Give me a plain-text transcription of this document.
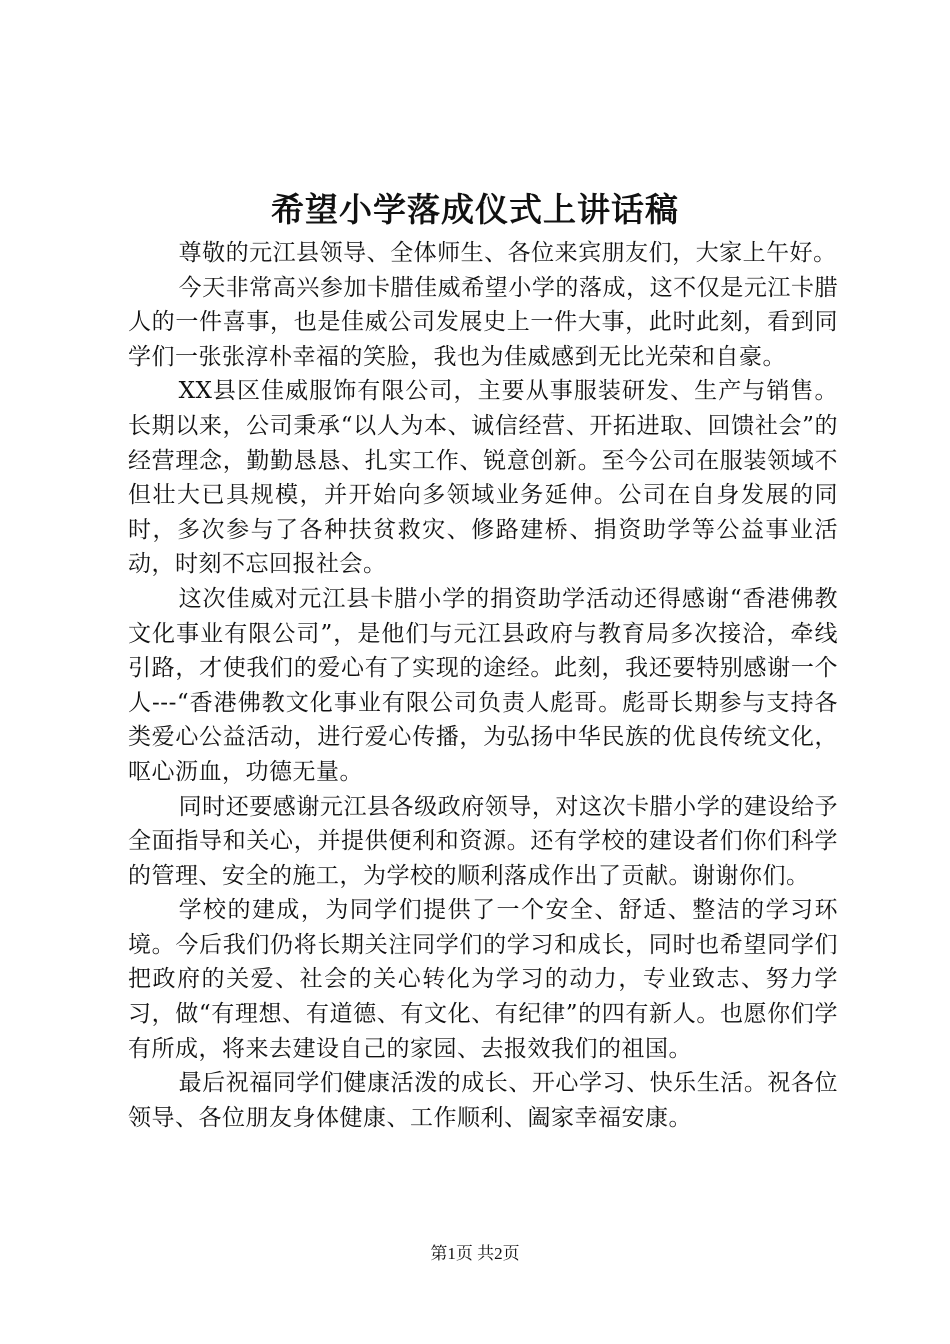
希望小学落成仪式上讲话稿

尊敬的元江县领导、全体师生、各位来宾朋友们，大家上午好。

今天非常高兴参加卡腊佳威希望小学的落成，这不仅是元江卡腊人的一件喜事，也是佳威公司发展史上一件大事，此时此刻，看到同学们一张张淳朴幸福的笑脸，我也为佳威感到无比光荣和自豪。

XX县区佳威服饰有限公司，主要从事服装研发、生产与销售。长期以来，公司秉承“以人为本、诚信经营、开拓进取、回馈社会”的经营理念，勤勤恳恳、扎实工作、锐意创新。至今公司在服装领域不但壮大已具规模，并开始向多领域业务延伸。公司在自身发展的同时，多次参与了各种扶贫救灾、修路建桥、捐资助学等公益事业活动，时刻不忘回报社会。

这次佳威对元江县卡腊小学的捐资助学活动还得感谢“香港佛教文化事业有限公司”，是他们与元江县政府与教育局多次接洽，牵线引路，才使我们的爱心有了实现的途经。此刻，我还要特别感谢一个人---“香港佛教文化事业有限公司负责人彪哥。彪哥长期参与支持各类爱心公益活动，进行爱心传播，为弘扬中华民族的优良传统文化，呕心沥血，功德无量。

同时还要感谢元江县各级政府领导，对这次卡腊小学的建设给予全面指导和关心，并提供便利和资源。还有学校的建设者们你们科学的管理、安全的施工，为学校的顺利落成作出了贡献。谢谢你们。

学校的建成，为同学们提供了一个安全、舒适、整洁的学习环境。今后我们仍将长期关注同学们的学习和成长，同时也希望同学们把政府的关爱、社会的关心转化为学习的动力，专业致志、努力学习，做“有理想、有道德、有文化、有纪律”的四有新人。也愿你们学有所成，将来去建设自己的家园、去报效我们的祖国。

最后祝福同学们健康活泼的成长、开心学习、快乐生活。祝各位领导、各位朋友身体健康、工作顺利、阖家幸福安康。

第1页 共2页
